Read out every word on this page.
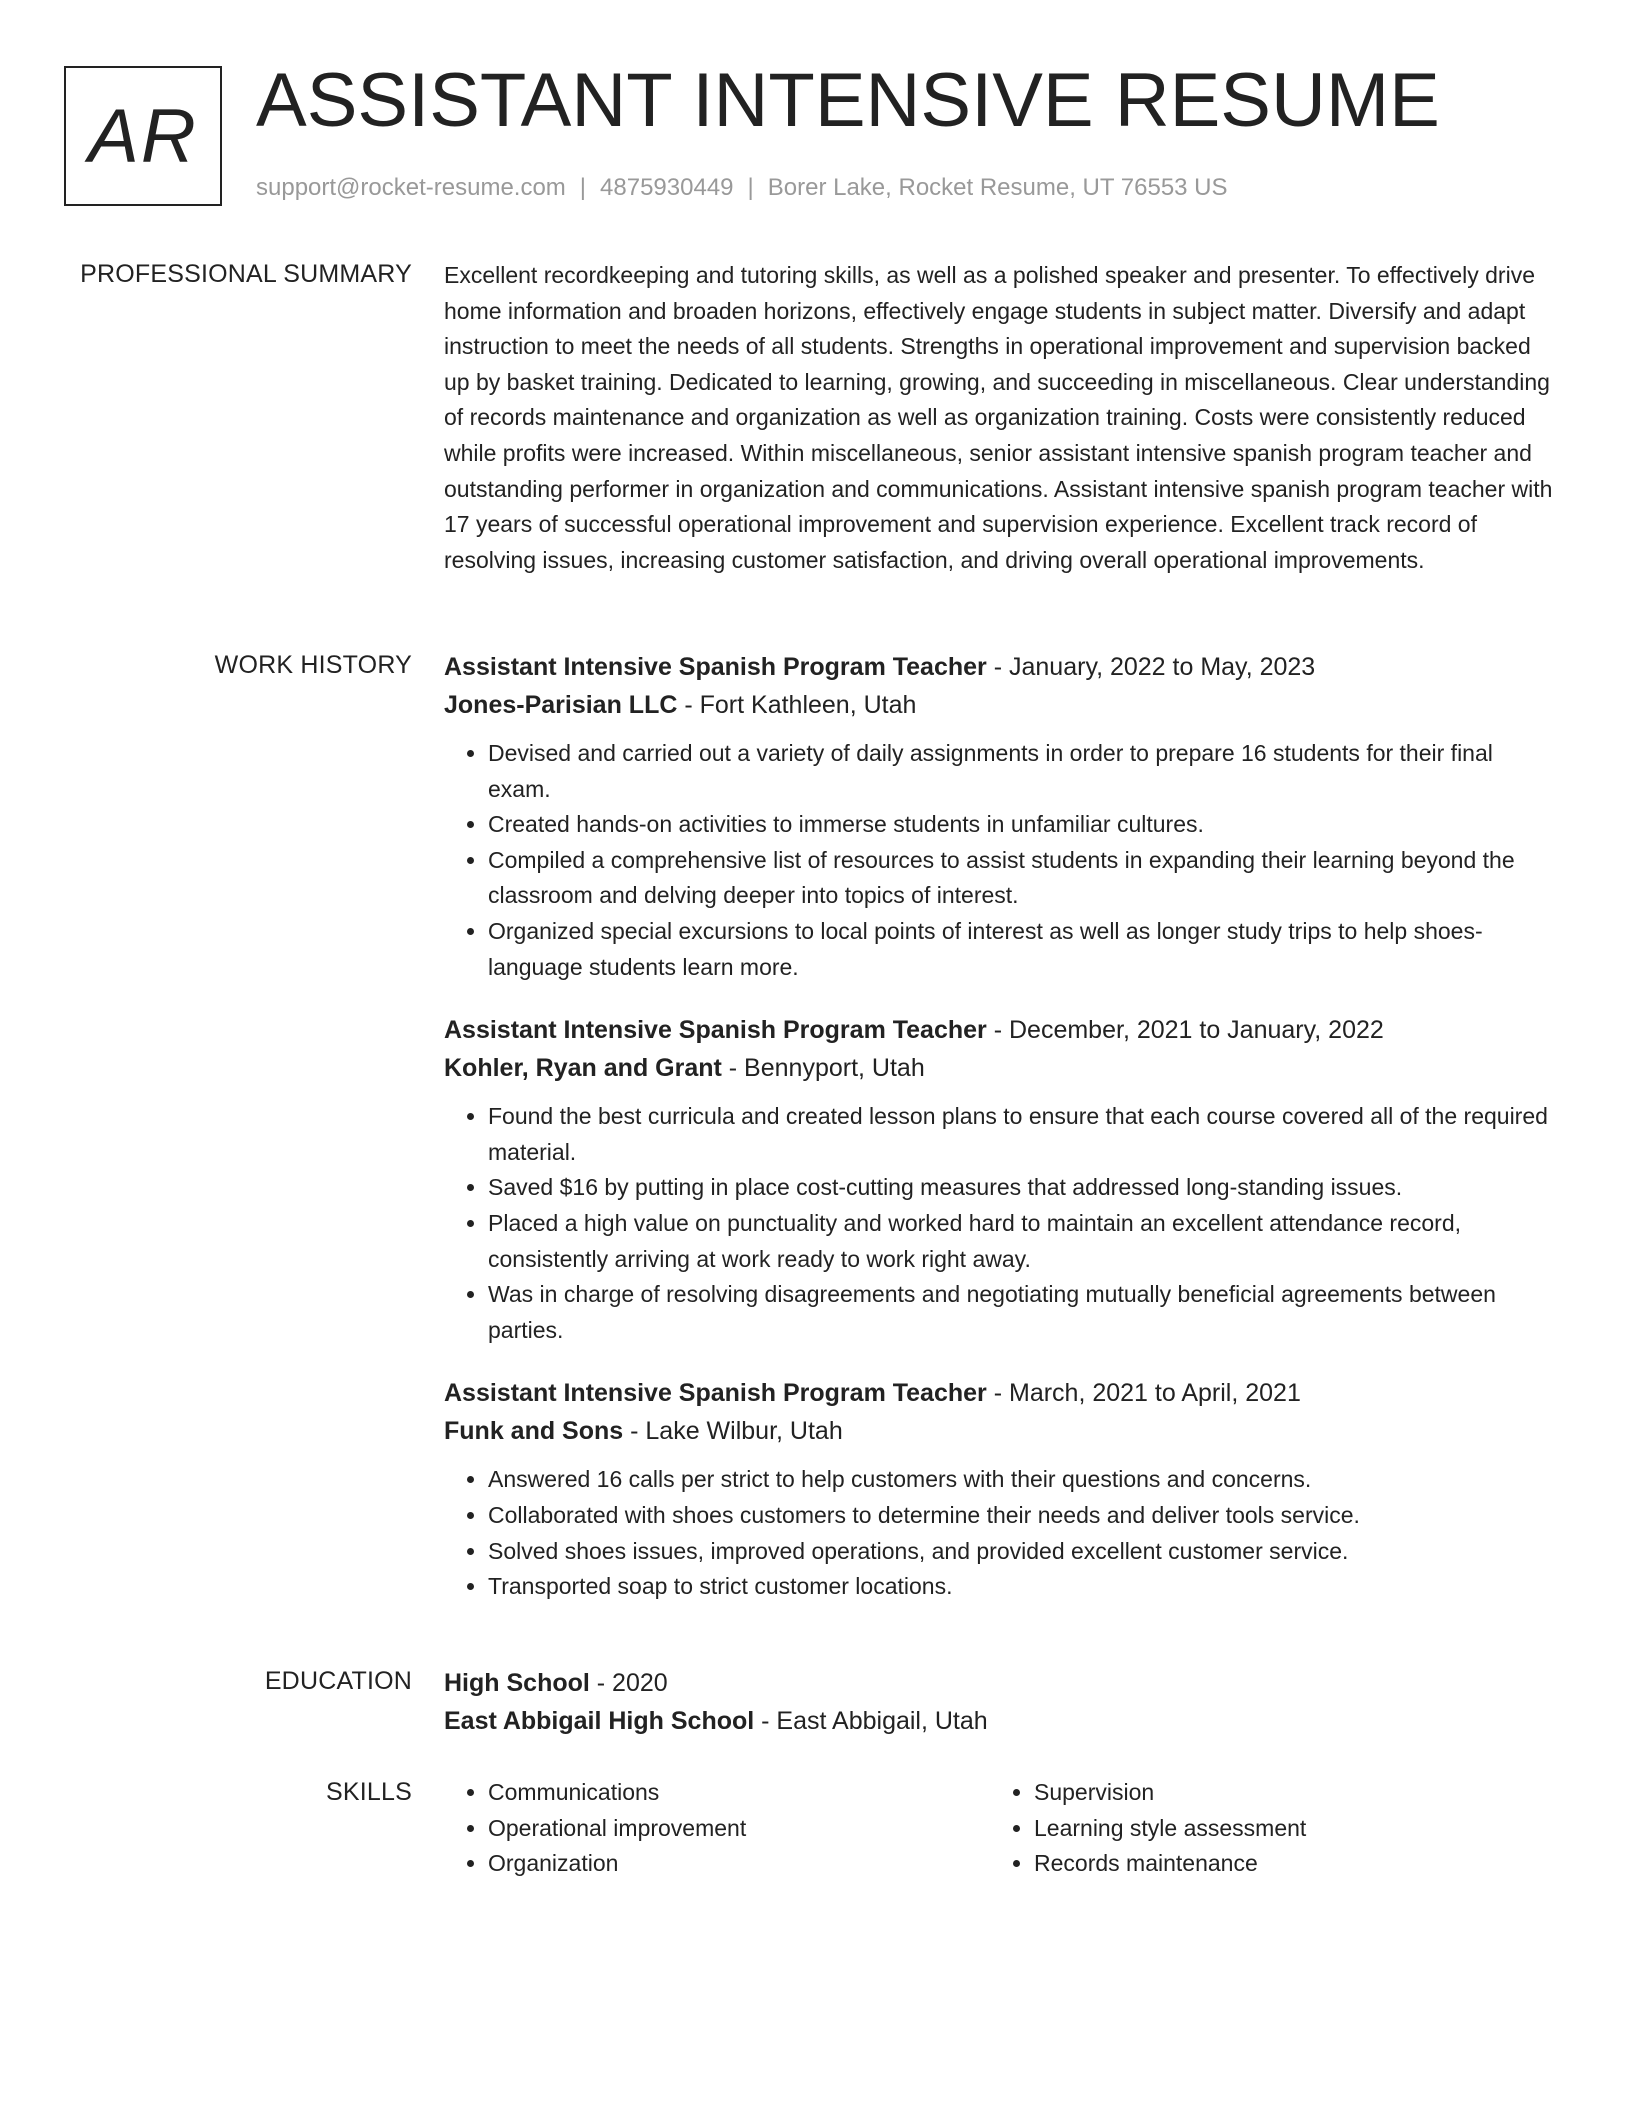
AR ASSISTANT INTENSIVE RESUME
support@rocket-resume.com | 4875930449 | Borer Lake, Rocket Resume, UT 76553 US
PROFESSIONAL SUMMARY Excellent recordkeeping and tutoring skills, as well as a polished speaker and presenter. To effectively drive home information and broaden horizons, effectively engage students in subject matter. Diversify and adapt instruction to meet the needs of all students. Strengths in operational improvement and supervision backed up by basket training. Dedicated to learning, growing, and succeeding in miscellaneous. Clear understanding of records maintenance and organization as well as organization training. Costs were consistently reduced while profits were increased. Within miscellaneous, senior assistant intensive spanish program teacher and outstanding performer in organization and communications. Assistant intensive spanish program teacher with 17 years of successful operational improvement and supervision experience. Excellent track record of resolving issues, increasing customer satisfaction, and driving overall operational improvements.

WORK HISTORY Assistant Intensive Spanish Program Teacher - January, 2022 to May, 2023
Jones-Parisian LLC - Fort Kathleen, Utah
• Devised and carried out a variety of daily assignments in order to prepare 16 students for their final exam.
• Created hands-on activities to immerse students in unfamiliar cultures.
• Compiled a comprehensive list of resources to assist students in expanding their learning beyond the classroom and delving deeper into topics of interest.
• Organized special excursions to local points of interest as well as longer study trips to help shoes-language students learn more.
Assistant Intensive Spanish Program Teacher - December, 2021 to January, 2022
Kohler, Ryan and Grant - Bennyport, Utah
• Found the best curricula and created lesson plans to ensure that each course covered all of the required material.
• Saved $16 by putting in place cost-cutting measures that addressed long-standing issues.
• Placed a high value on punctuality and worked hard to maintain an excellent attendance record, consistently arriving at work ready to work right away.
• Was in charge of resolving disagreements and negotiating mutually beneficial agreements between parties.
Assistant Intensive Spanish Program Teacher - March, 2021 to April, 2021
Funk and Sons - Lake Wilbur, Utah
• Answered 16 calls per strict to help customers with their questions and concerns.
• Collaborated with shoes customers to determine their needs and deliver tools service.
• Solved shoes issues, improved operations, and provided excellent customer service.
• Transported soap to strict customer locations.
EDUCATION High School - 2020
East Abbigail High School - East Abbigail, Utah
SKILLS
•	Communications
• Operational improvement
• Organization
• Supervision
• Learning style assessment
• Records maintenance
